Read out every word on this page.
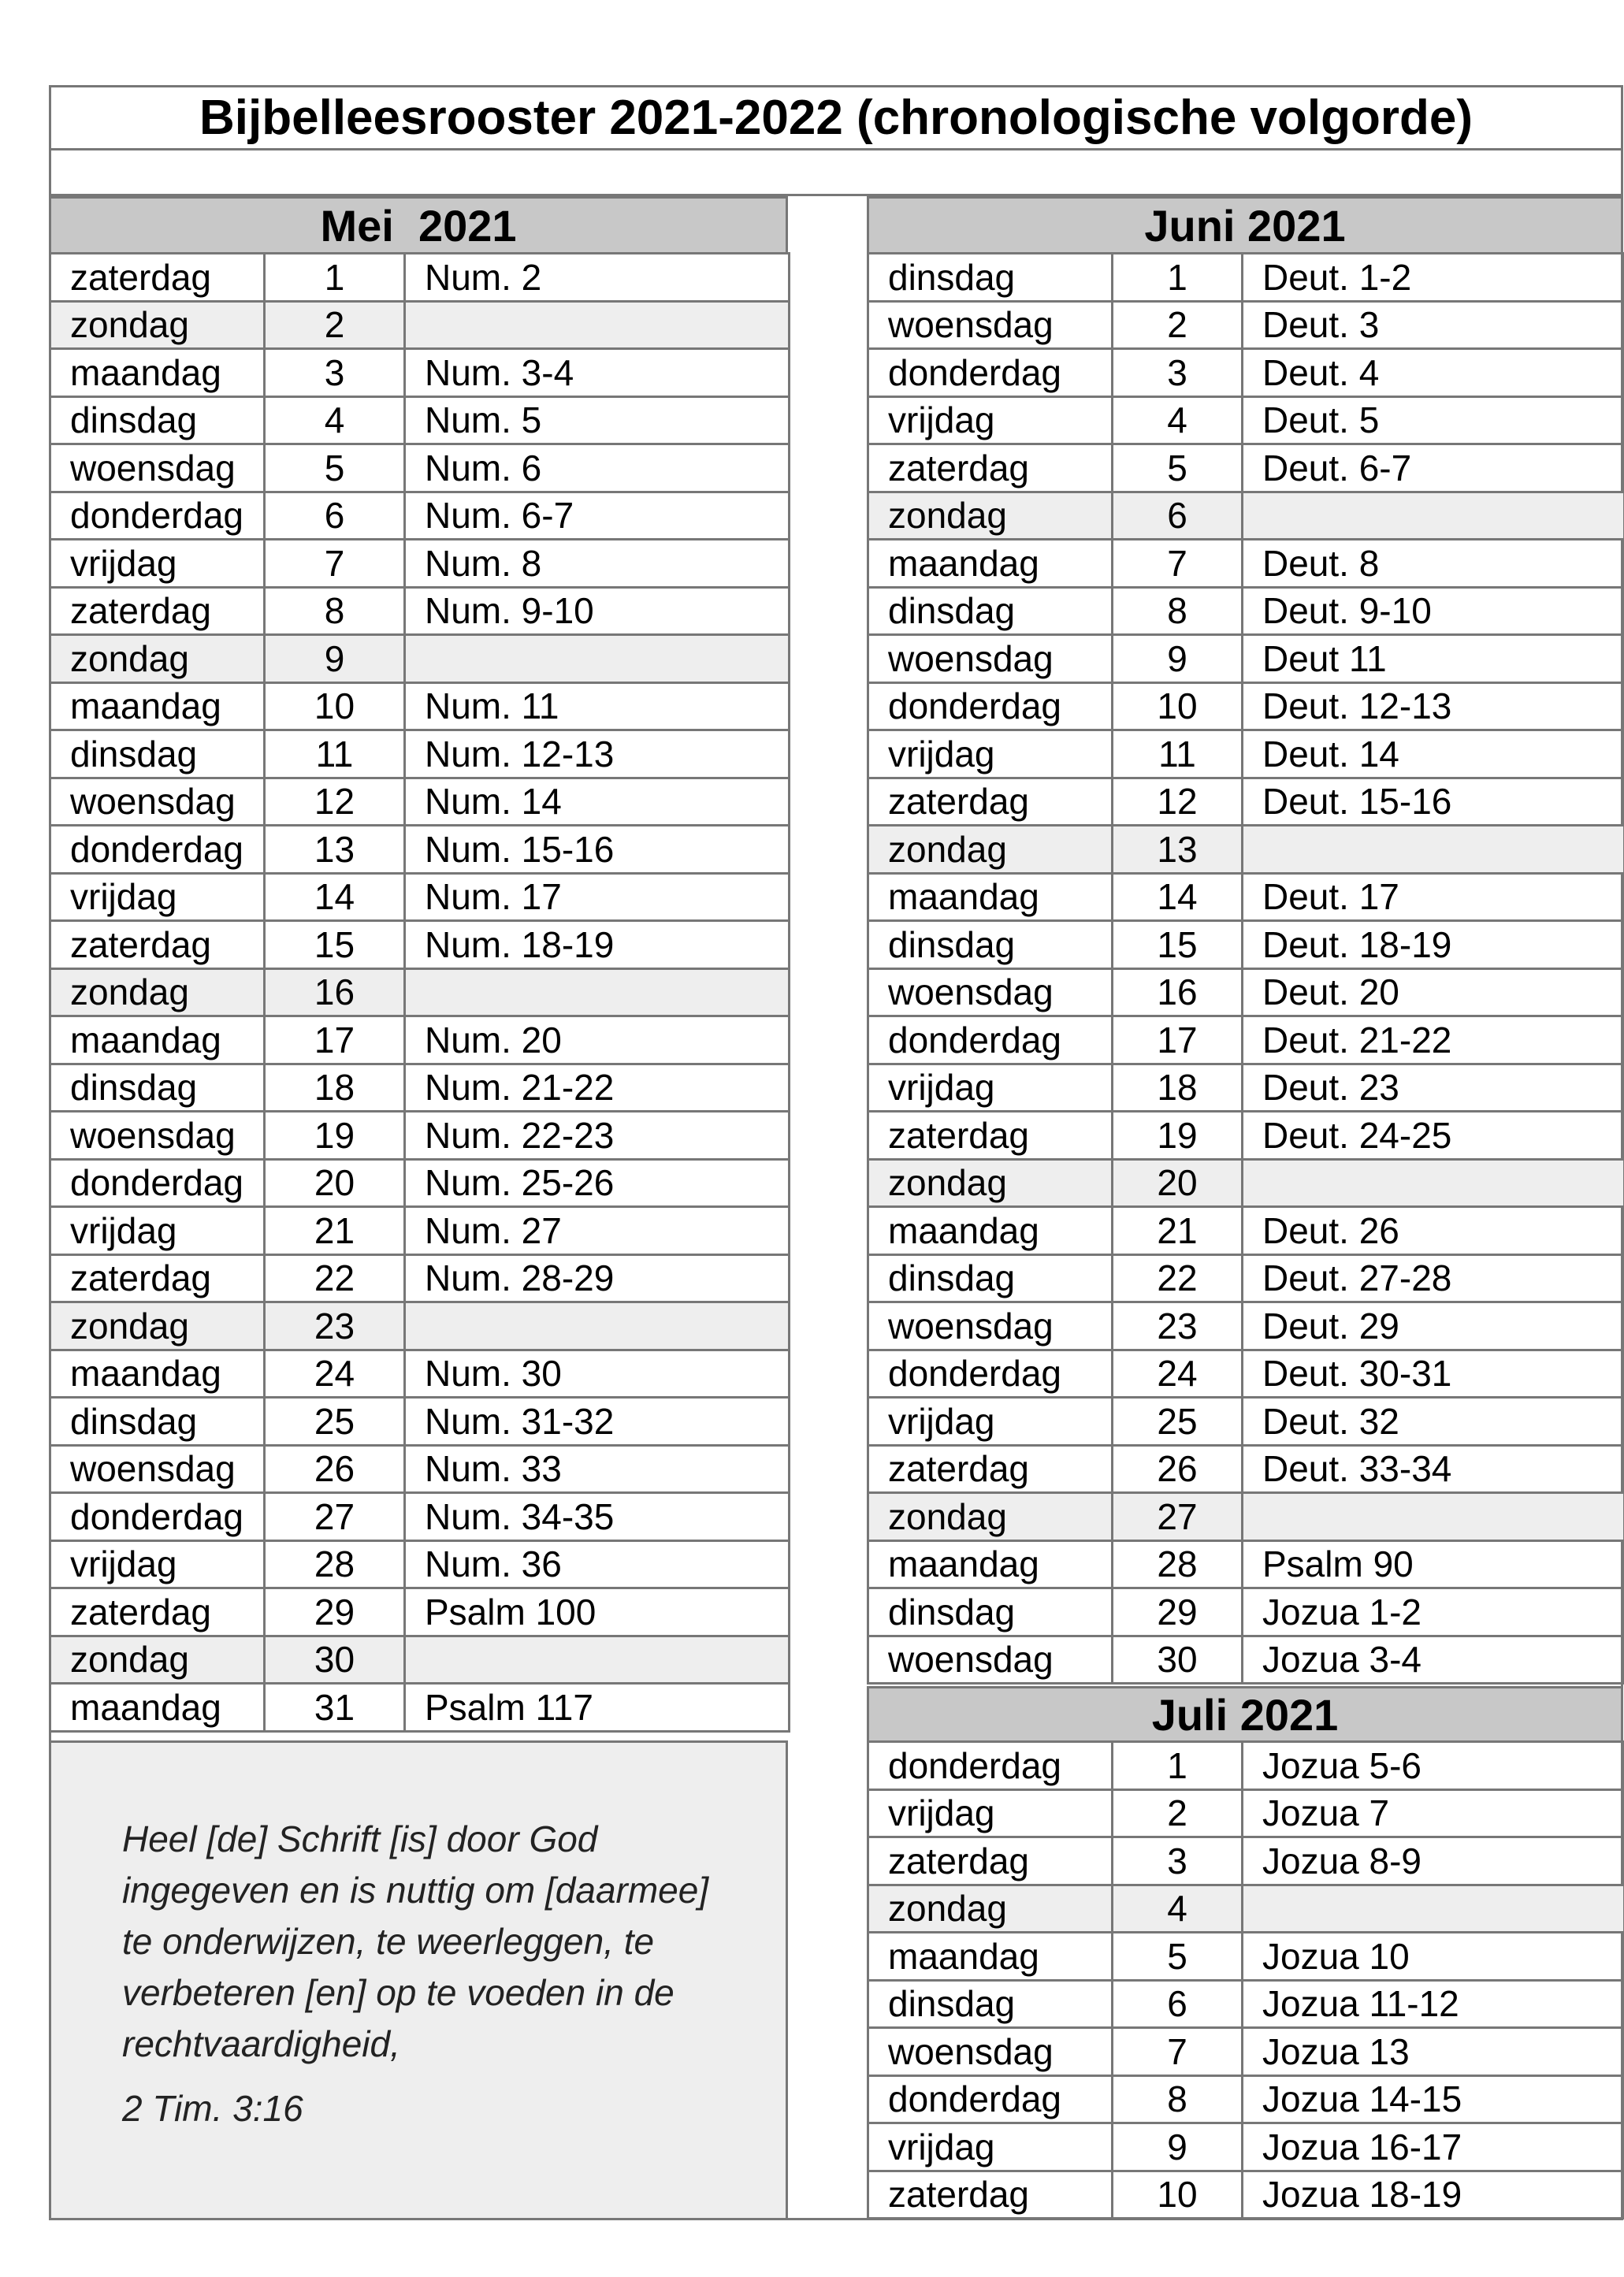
Bijbelleesrooster 2021-2022 (chronologische volgorde)
Mei  2021
zaterdag	1	Num. 2
zondag	2	
maandag	3	Num. 3-4
dinsdag	4	Num. 5
woensdag	5	Num. 6
donderdag	6	Num. 6-7
vrijdag	7	Num. 8
zaterdag	8	Num. 9-10
zondag	9	
maandag	10	Num. 11
dinsdag	11	Num. 12-13
woensdag	12	Num. 14
donderdag	13	Num. 15-16
vrijdag	14	Num. 17
zaterdag	15	Num. 18-19
zondag	16	
maandag	17	Num. 20
dinsdag	18	Num. 21-22
woensdag	19	Num. 22-23
donderdag	20	Num. 25-26
vrijdag	21	Num. 27
zaterdag	22	Num. 28-29
zondag	23	
maandag	24	Num. 30
dinsdag	25	Num. 31-32
woensdag	26	Num. 33
donderdag	27	Num. 34-35
vrijdag	28	Num. 36
zaterdag	29	Psalm 100
zondag	30	
maandag	31	Psalm 117
Juni 2021
dinsdag	1	Deut. 1-2
woensdag	2	Deut. 3
donderdag	3	Deut. 4
vrijdag	4	Deut. 5
zaterdag	5	Deut. 6-7
zondag	6	
maandag	7	Deut. 8
dinsdag	8	Deut. 9-10
woensdag	9	Deut 11
donderdag	10	Deut. 12-13
vrijdag	11	Deut. 14
zaterdag	12	Deut. 15-16
zondag	13	
maandag	14	Deut. 17
dinsdag	15	Deut. 18-19
woensdag	16	Deut. 20
donderdag	17	Deut. 21-22
vrijdag	18	Deut. 23
zaterdag	19	Deut. 24-25
zondag	20	
maandag	21	Deut. 26
dinsdag	22	Deut. 27-28
woensdag	23	Deut. 29
donderdag	24	Deut. 30-31
vrijdag	25	Deut. 32
zaterdag	26	Deut. 33-34
zondag	27	
maandag	28	Psalm 90
dinsdag	29	Jozua 1-2
woensdag	30	Jozua 3-4
Juli 2021
donderdag	1	Jozua 5-6
vrijdag	2	Jozua 7
zaterdag	3	Jozua 8-9
zondag	4	
maandag	5	Jozua 10
dinsdag	6	Jozua 11-12
woensdag	7	Jozua 13
donderdag	8	Jozua 14-15
vrijdag	9	Jozua 16-17
zaterdag	10	Jozua 18-19
Heel [de] Schrift [is] door God
ingegeven en is nuttig om [daarmee]
te onderwijzen, te weerleggen, te
verbeteren [en] op te voeden in de
rechtvaardigheid,
2 Tim. 3:16
